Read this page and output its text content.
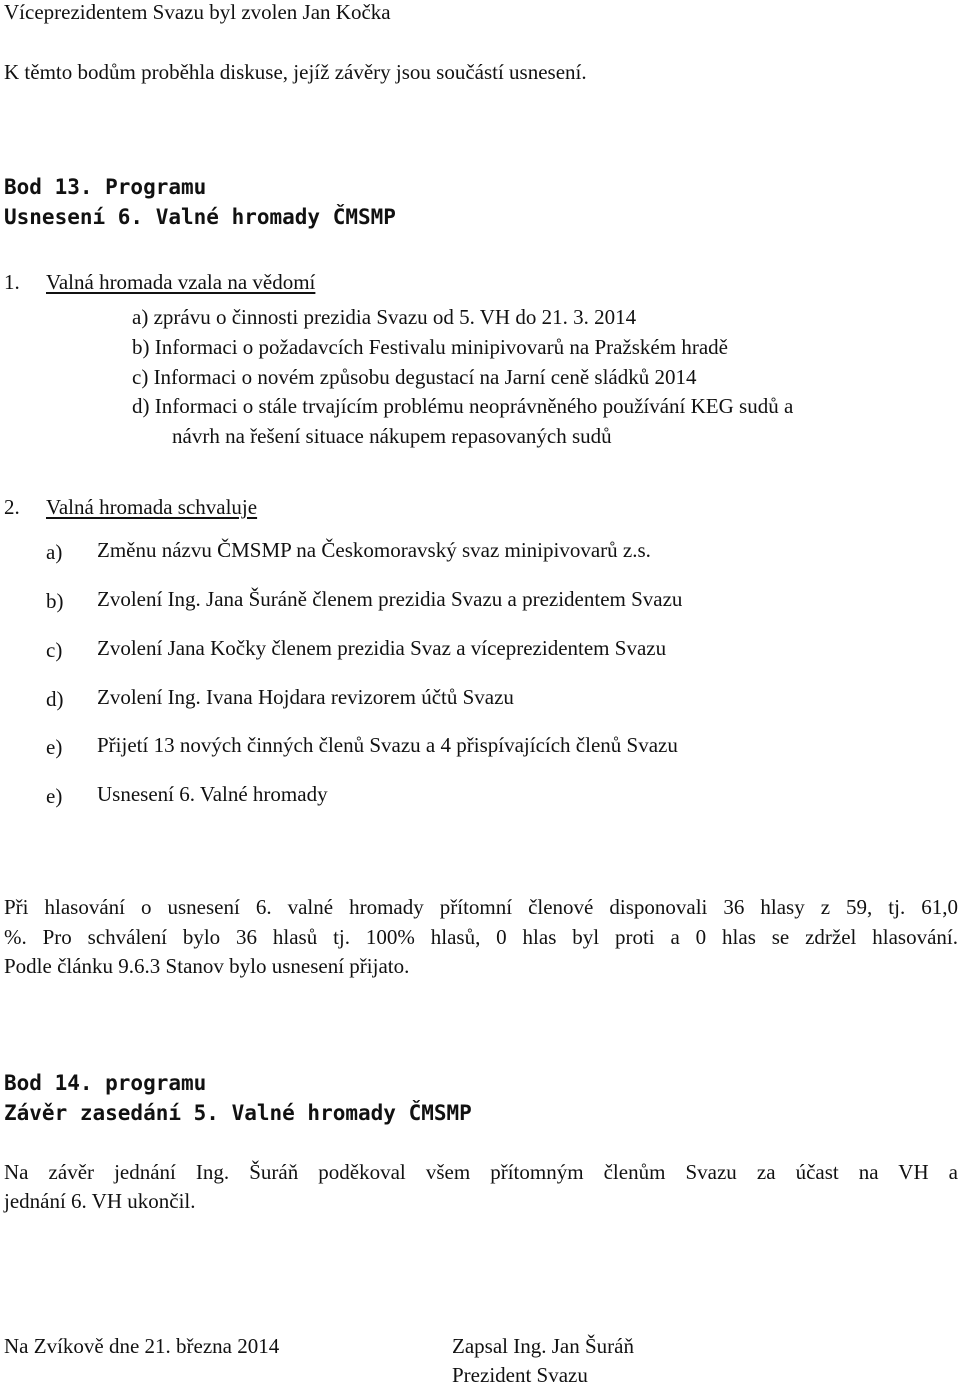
Víceprezidentem Svazu byl zvolen Jan Kočka
K těmto bodům proběhla diskuse, jejíž závěry jsou součástí usnesení.
Bod 13. Programu
Usnesení 6. Valné hromady ČMSMP
1. Valná hromada vzala na vědomí
a) zprávu o činnosti prezidia Svazu od 5. VH do 21. 3. 2014
b) Informaci o požadavcích Festivalu minipivovarů na Pražském hradě
c) Informaci o novém způsobu degustací na Jarní ceně sládků 2014
d) Informaci o stále trvajícím problému neoprávněného používání KEG sudů a
návrh na řešení situace nákupem repasovaných sudů
2. Valná hromada schvaluje
a) Změnu názvu ČMSMP na Českomoravský svaz minipivovarů z.s.
b) Zvolení Ing. Jana Šuráně členem prezidia Svazu a prezidentem Svazu
c) Zvolení Jana Kočky členem prezidia Svaz a víceprezidentem Svazu
d) Zvolení Ing. Ivana Hojdara revizorem účtů Svazu
e) Přijetí 13 nových činných členů Svazu a 4 přispívajících členů Svazu
e) Usnesení 6. Valné hromady
Při hlasování o usnesení 6. valné hromady přítomní členové disponovali 36 hlasy z 59, tj. 61,0
%. Pro schválení bylo 36 hlasů tj. 100% hlasů, 0 hlas byl proti a 0 hlas se zdržel hlasování.
Podle článku 9.6.3 Stanov bylo usnesení přijato.
Bod 14. programu
Závěr zasedání 5. Valné hromady ČMSMP
Na závěr jednání Ing. Šuráň poděkoval všem přítomným členům Svazu za účast na VH a
jednání 6. VH ukončil.
Na Zvíkově dne 21. března 2014	Zapsal Ing. Jan Šuráň
Prezident Svazu
